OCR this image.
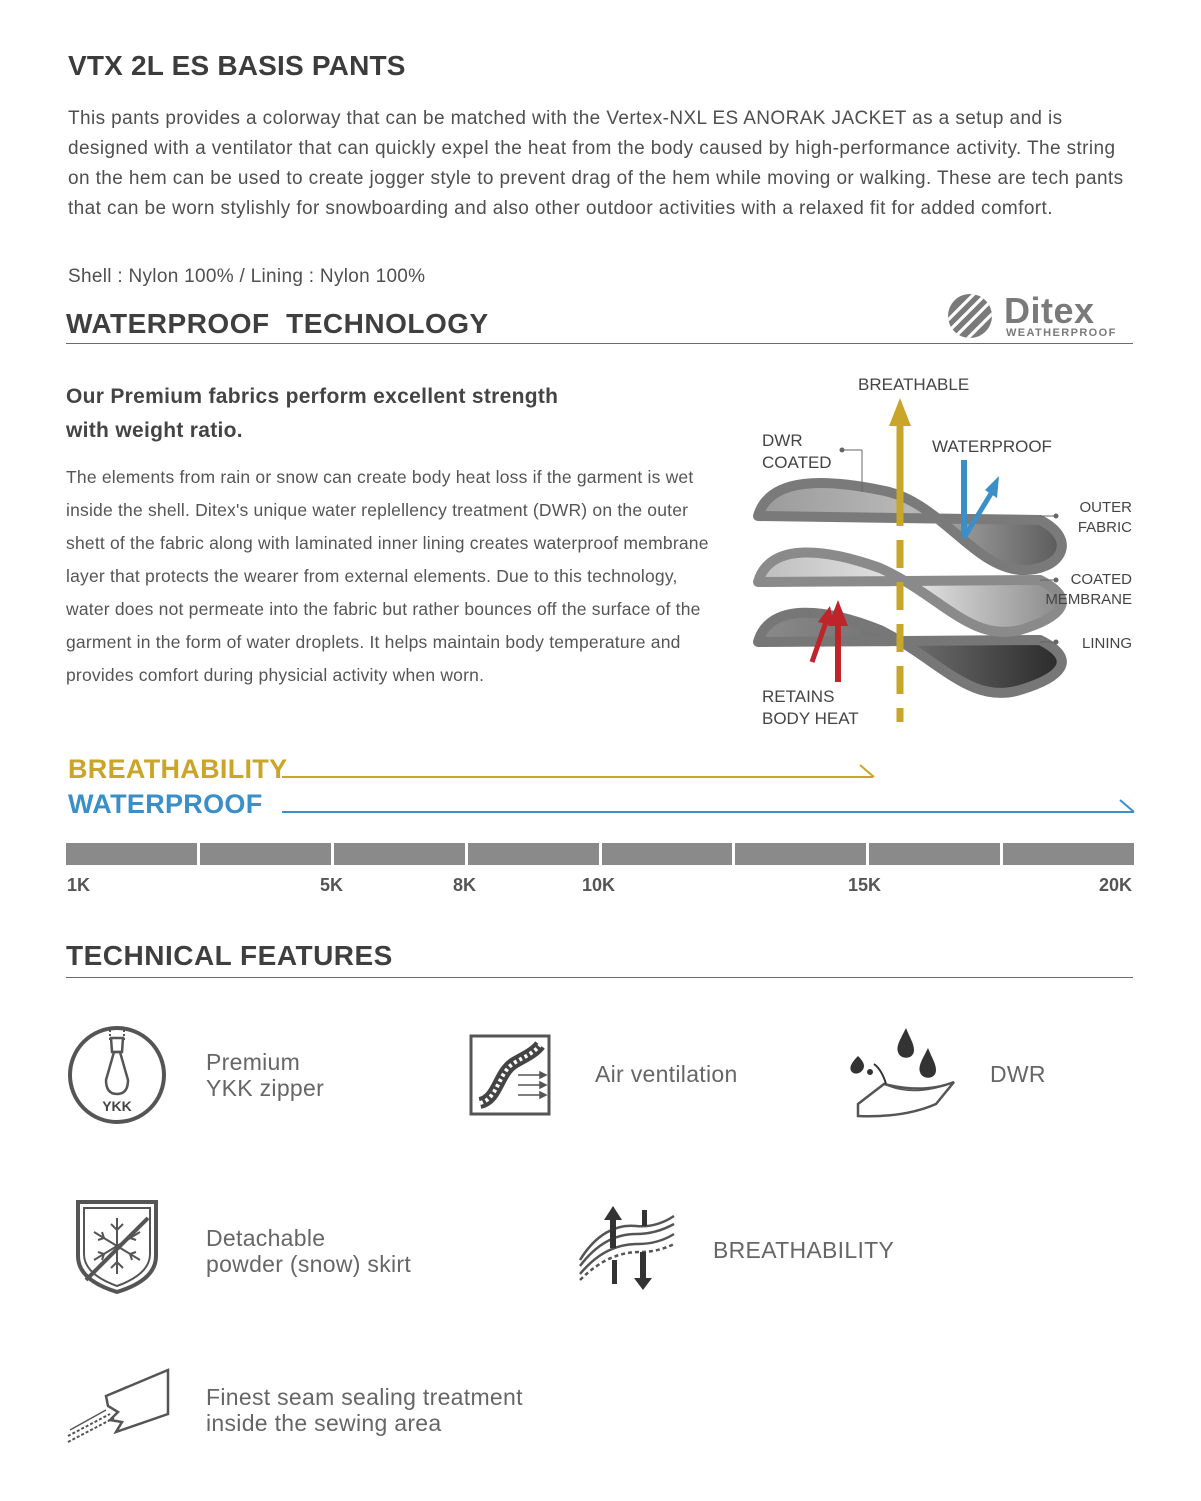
VTX 2L ES BASIS PANTS
This pants provides a colorway that can be matched with the Vertex-NXL ES ANORAK JACKET as a setup and is designed with a ventilator that can quickly expel the heat from the body caused by high-performance activity. The string on the hem can be used to create jogger style to prevent drag of the hem while moving or walking. These are tech pants that can be worn stylishly for snowboarding and also other outdoor activities with a relaxed fit for added comfort.
Shell : Nylon 100% / Lining : Nylon 100%
WATERPROOF  TECHNOLOGY	Ditex
WEATHERPROOF
Our Premium fabrics perform excellent strength
with weight ratio.
The elements from rain or snow can create body heat loss if the garment is wet inside the shell. Ditex's unique water replellency treatment (DWR) on the outer shett of the fabric along with laminated inner lining creates waterproof membrane layer that protects the wearer from external elements. Due to this technology, water does not permeate into the fabric but rather bounces off the surface of the garment in the form of water droplets. It helps maintain body temperature and provides comfort during physicial activity when worn.
BREATHABLE
DWR
COATED
WATERPROOF
OUTER
FABRIC
COATED
MEMBRANE
LINING
RETAINS
BODY HEAT
BREATHABILITY
WATERPROOF
1K	5K	8K	10K	15K	20K
TECHNICAL FEATURES
YKK
Premium
YKK zipper
Air ventilation	DWR
Detachable
powder (snow) skirt
BREATHABILITY
Finest seam sealing treatment
inside the sewing area
